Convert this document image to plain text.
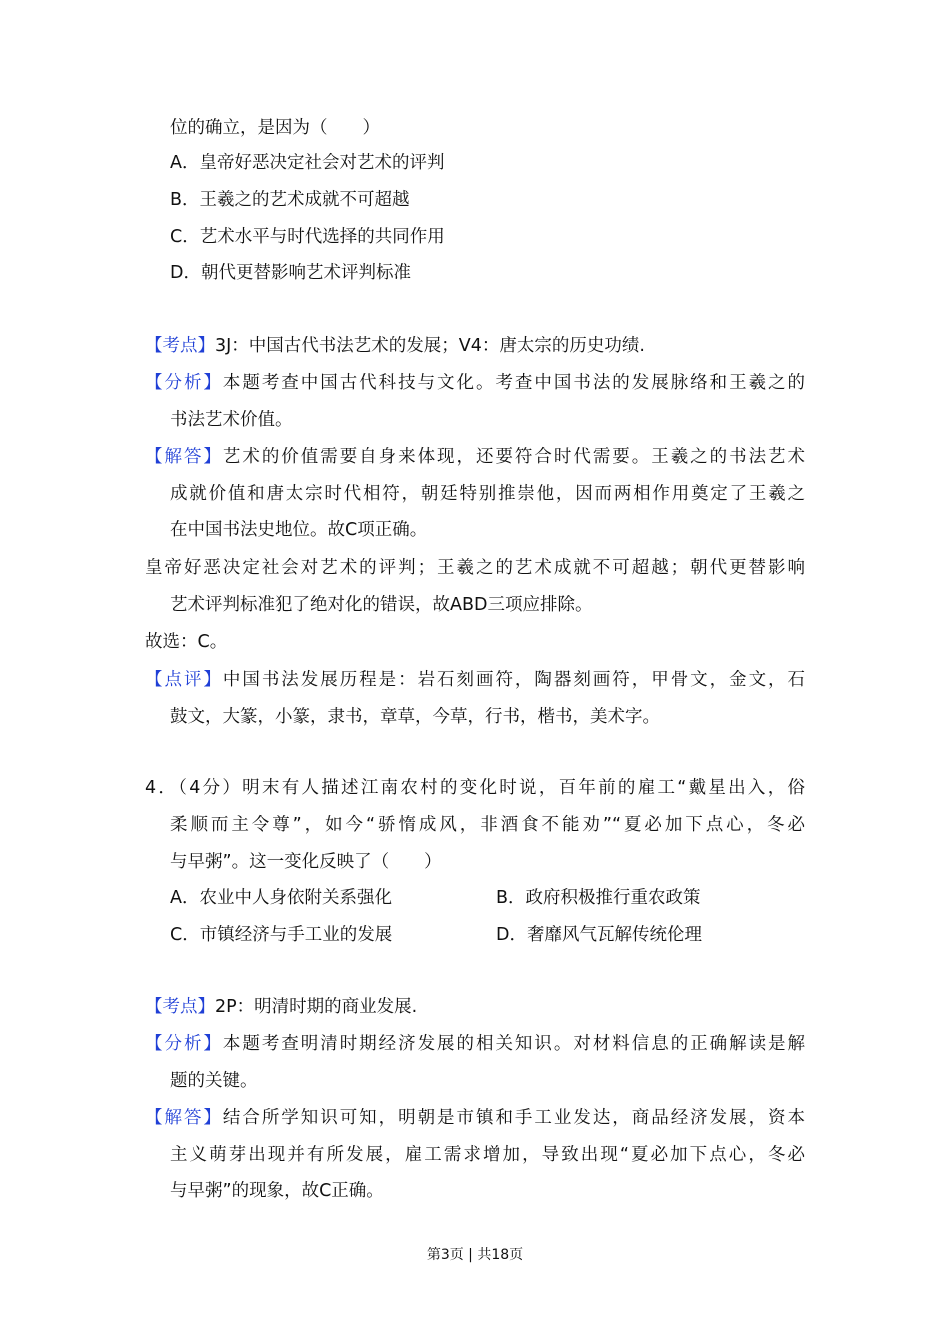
位的确立，是因为（　　）
A．皇帝好恶决定社会对艺术的评判
B．王羲之的艺术成就不可超越
C．艺术水平与时代选择的共同作用
D．朝代更替影响艺术评判标准
【考点】3J：中国古代书法艺术的发展；V4：唐太宗的历史功绩.
【分析】本题考查中国古代科技与文化。考查中国书法的发展脉络和王羲之的
书法艺术价值。
【解答】艺术的价值需要自身来体现，还要符合时代需要。王羲之的书法艺术
成就价值和唐太宗时代相符，朝廷特别推崇他，因而两相作用奠定了王羲之
在中国书法史地位。故C项正确。
皇帝好恶决定社会对艺术的评判；王羲之的艺术成就不可超越；朝代更替影响
艺术评判标准犯了绝对化的错误，故ABD三项应排除。
故选：C。
【点评】中国书法发展历程是：岩石刻画符，陶器刻画符，甲骨文，金文，石
鼓文，大篆，小篆，隶书，章草，今草，行书，楷书，美术字。
4．（4分）明末有人描述江南农村的变化时说，百年前的雇工“戴星出入，俗
柔顺而主令尊”，如今“骄惰成风，非酒食不能劝”“夏必加下点心，冬必
与早粥”。这一变化反映了（　　）
A．农业中人身依附关系强化	B．政府积极推行重农政策
C．市镇经济与手工业的发展	D．奢靡风气瓦解传统伦理
【考点】2P：明清时期的商业发展.
【分析】本题考查明清时期经济发展的相关知识。对材料信息的正确解读是解
题的关键。
【解答】结合所学知识可知，明朝是市镇和手工业发达，商品经济发展，资本
主义萌芽出现并有所发展，雇工需求增加，导致出现“夏必加下点心，冬必
与早粥”的现象，故C正确。
第3页 | 共18页
